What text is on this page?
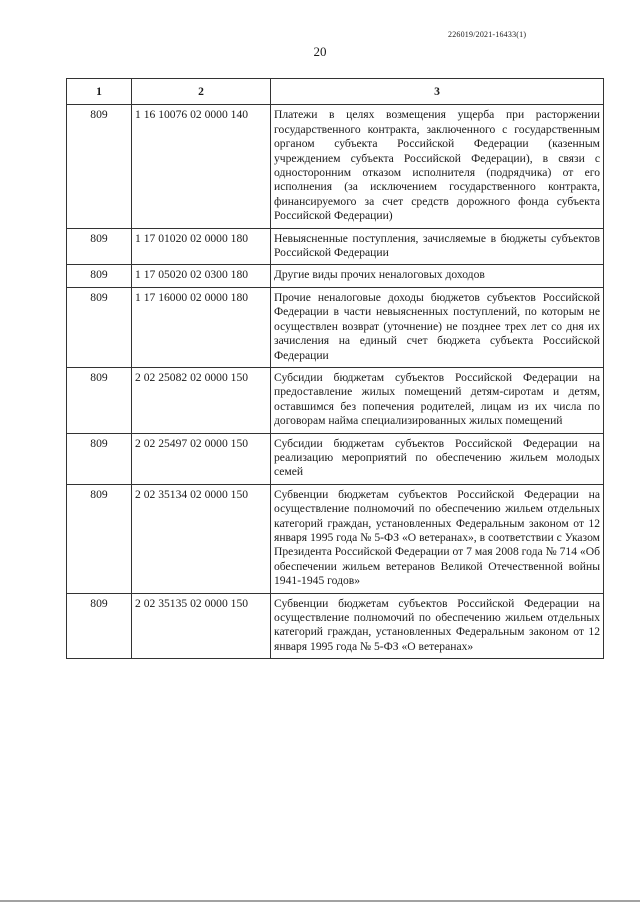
226019/2021-16433(1)
20
1	2	3
809	1 16 10076 02 0000 140	Платежи в целях возмещения ущерба при расторжении государственного контракта, заключенного с государственным органом субъекта Российской Федерации (казенным учреждением субъекта Российской Федерации), в связи с односторонним отказом исполнителя (подрядчика) от его исполнения (за исключением государственного контракта, финансируемого за счет средств дорожного фонда субъекта Российской Федерации)
809	1 17 01020 02 0000 180	Невыясненные поступления, зачисляемые в бюджеты субъектов Российской Федерации
809	1 17 05020 02 0300 180	Другие виды прочих неналоговых доходов
809	1 17 16000 02 0000 180	Прочие неналоговые доходы бюджетов субъектов Российской Федерации в части невыясненных поступлений, по которым не осуществлен возврат (уточнение) не позднее трех лет со дня их зачисления на единый счет бюджета субъекта Российской Федерации
809	2 02 25082 02 0000 150	Субсидии бюджетам субъектов Российской Федерации на предоставление жилых помещений детям-сиротам и детям, оставшимся без попечения родителей, лицам из их числа по договорам найма специализированных жилых помещений
809	2 02 25497 02 0000 150	Субсидии бюджетам субъектов Российской Федерации на реализацию мероприятий по обеспечению жильем молодых семей
809	2 02 35134 02 0000 150	Субвенции бюджетам субъектов Российской Федерации на осуществление полномочий по обеспечению жильем отдельных категорий граждан, установленных Федеральным законом от 12 января 1995 года № 5-ФЗ «О ветеранах», в соответствии с Указом Президента Российской Федерации от 7 мая 2008 года № 714 «Об обеспечении жильем ветеранов Великой Отечественной войны 1941-1945 годов»
809	2 02 35135 02 0000 150	Субвенции бюджетам субъектов Российской Федерации на осуществление полномочий по обеспечению жильем отдельных категорий граждан, установленных Федеральным законом от 12 января 1995 года № 5-ФЗ «О ветеранах»
